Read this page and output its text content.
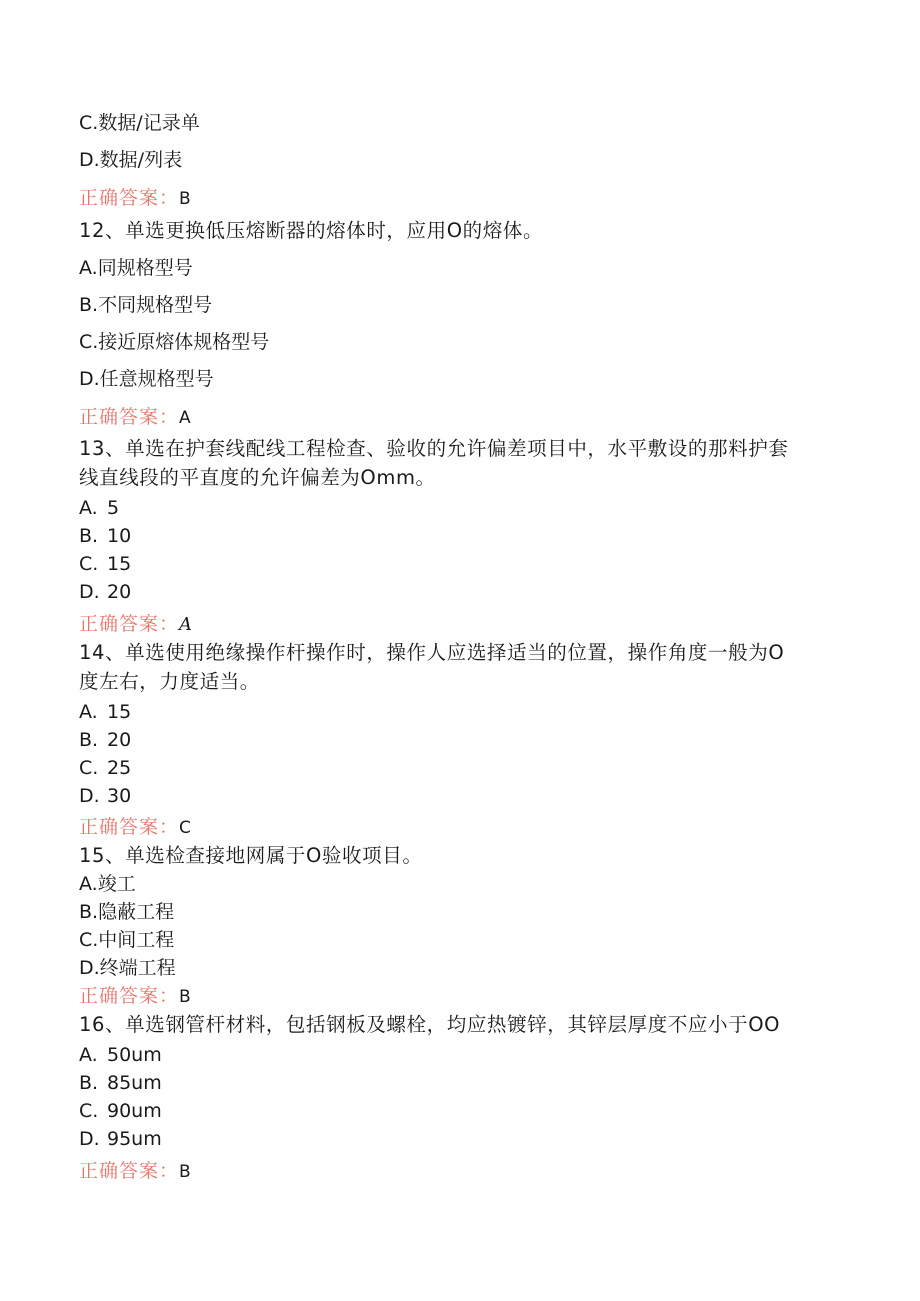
C.数据/记录单
D.数据/列表
正确答案：B
12、单选更换低压熔断器的熔体时，应用O的熔体。
A.同规格型号
B.不同规格型号
C.接近原熔体规格型号
D.任意规格型号
正确答案：A
13、单选在护套线配线工程检查、验收的允许偏差项目中，水平敷设的那料护套
线直线段的平直度的允许偏差为Omm。
A. 5
B. 10
C. 15
D. 20
正确答案：A
14、单选使用绝缘操作杆操作时，操作人应选择适当的位置，操作角度一般为O
度左右，力度适当。
A. 15
B. 20
C. 25
D. 30
正确答案：C
15、单选检查接地网属于O验收项目。
A.竣工
B.隐蔽工程
C.中间工程
D.终端工程
正确答案：B
16、单选钢管杆材料，包括钢板及螺栓，均应热镀锌，其锌层厚度不应小于OO
A. 50um
B. 85um
C. 90um
D. 95um
正确答案：B
